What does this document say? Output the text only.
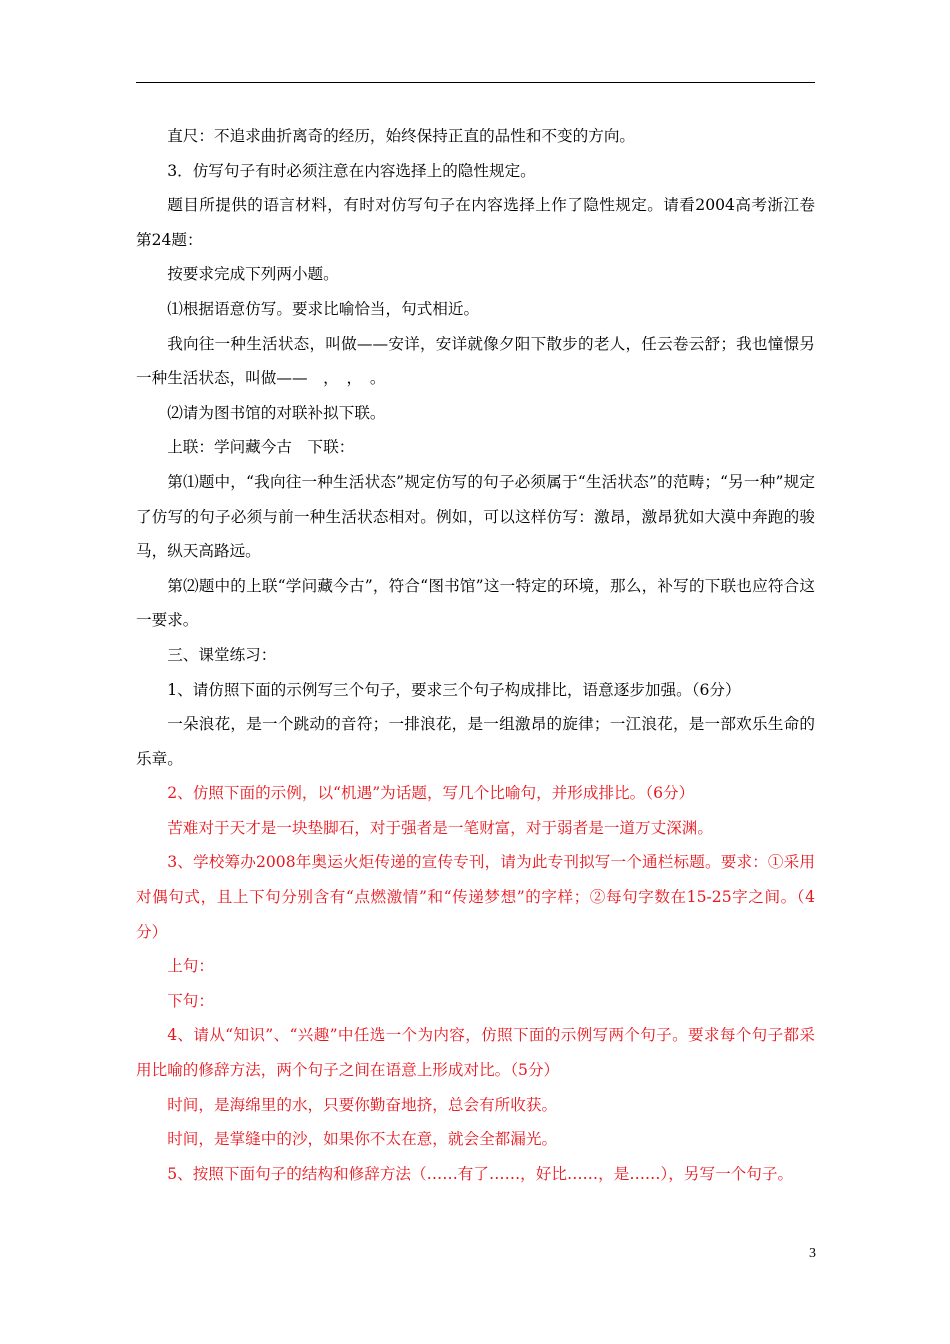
直尺：不追求曲折离奇的经历，始终保持正直的品性和不变的方向。

3．仿写句子有时必须注意在内容选择上的隐性规定。

题目所提供的语言材料，有时对仿写句子在内容选择上作了隐性规定。请看2004高考浙江卷第24题：

按要求完成下列两小题。

⑴根据语意仿写。要求比喻恰当，句式相近。

我向往一种生活状态，叫做——安详，安详就像夕阳下散步的老人，任云卷云舒；我也憧憬另一种生活状态，叫做——　，　，　。

⑵请为图书馆的对联补拟下联。

上联：学问藏今古　下联：

第⑴题中，“我向往一种生活状态”规定仿写的句子必须属于“生活状态”的范畴；“另一种”规定了仿写的句子必须与前一种生活状态相对。例如，可以这样仿写：激昂，激昂犹如大漠中奔跑的骏马，纵天高路远。

第⑵题中的上联“学问藏今古”，符合“图书馆”这一特定的环境，那么，补写的下联也应符合这一要求。

三、课堂练习：

1、请仿照下面的示例写三个句子，要求三个句子构成排比，语意逐步加强。（6分）

一朵浪花，是一个跳动的音符；一排浪花，是一组激昂的旋律；一江浪花，是一部欢乐生命的乐章。

2、仿照下面的示例，以“机遇”为话题，写几个比喻句，并形成排比。（6分）

苦难对于天才是一块垫脚石，对于强者是一笔财富，对于弱者是一道万丈深渊。

3、学校筹办2008年奥运火炬传递的宣传专刊，请为此专刊拟写一个通栏标题。要求：①采用对偶句式，且上下句分别含有“点燃激情”和“传递梦想”的字样；②每句字数在15-25字之间。（4分）

上句：

下句：

4、请从“知识”、“兴趣”中任选一个为内容，仿照下面的示例写两个句子。要求每个句子都采用比喻的修辞方法，两个句子之间在语意上形成对比。（5分）

时间，是海绵里的水，只要你勤奋地挤，总会有所收获。

时间，是掌缝中的沙，如果你不太在意，就会全都漏光。

5、按照下面句子的结构和修辞方法（……有了……，好比……，是……），另写一个句子。

3
